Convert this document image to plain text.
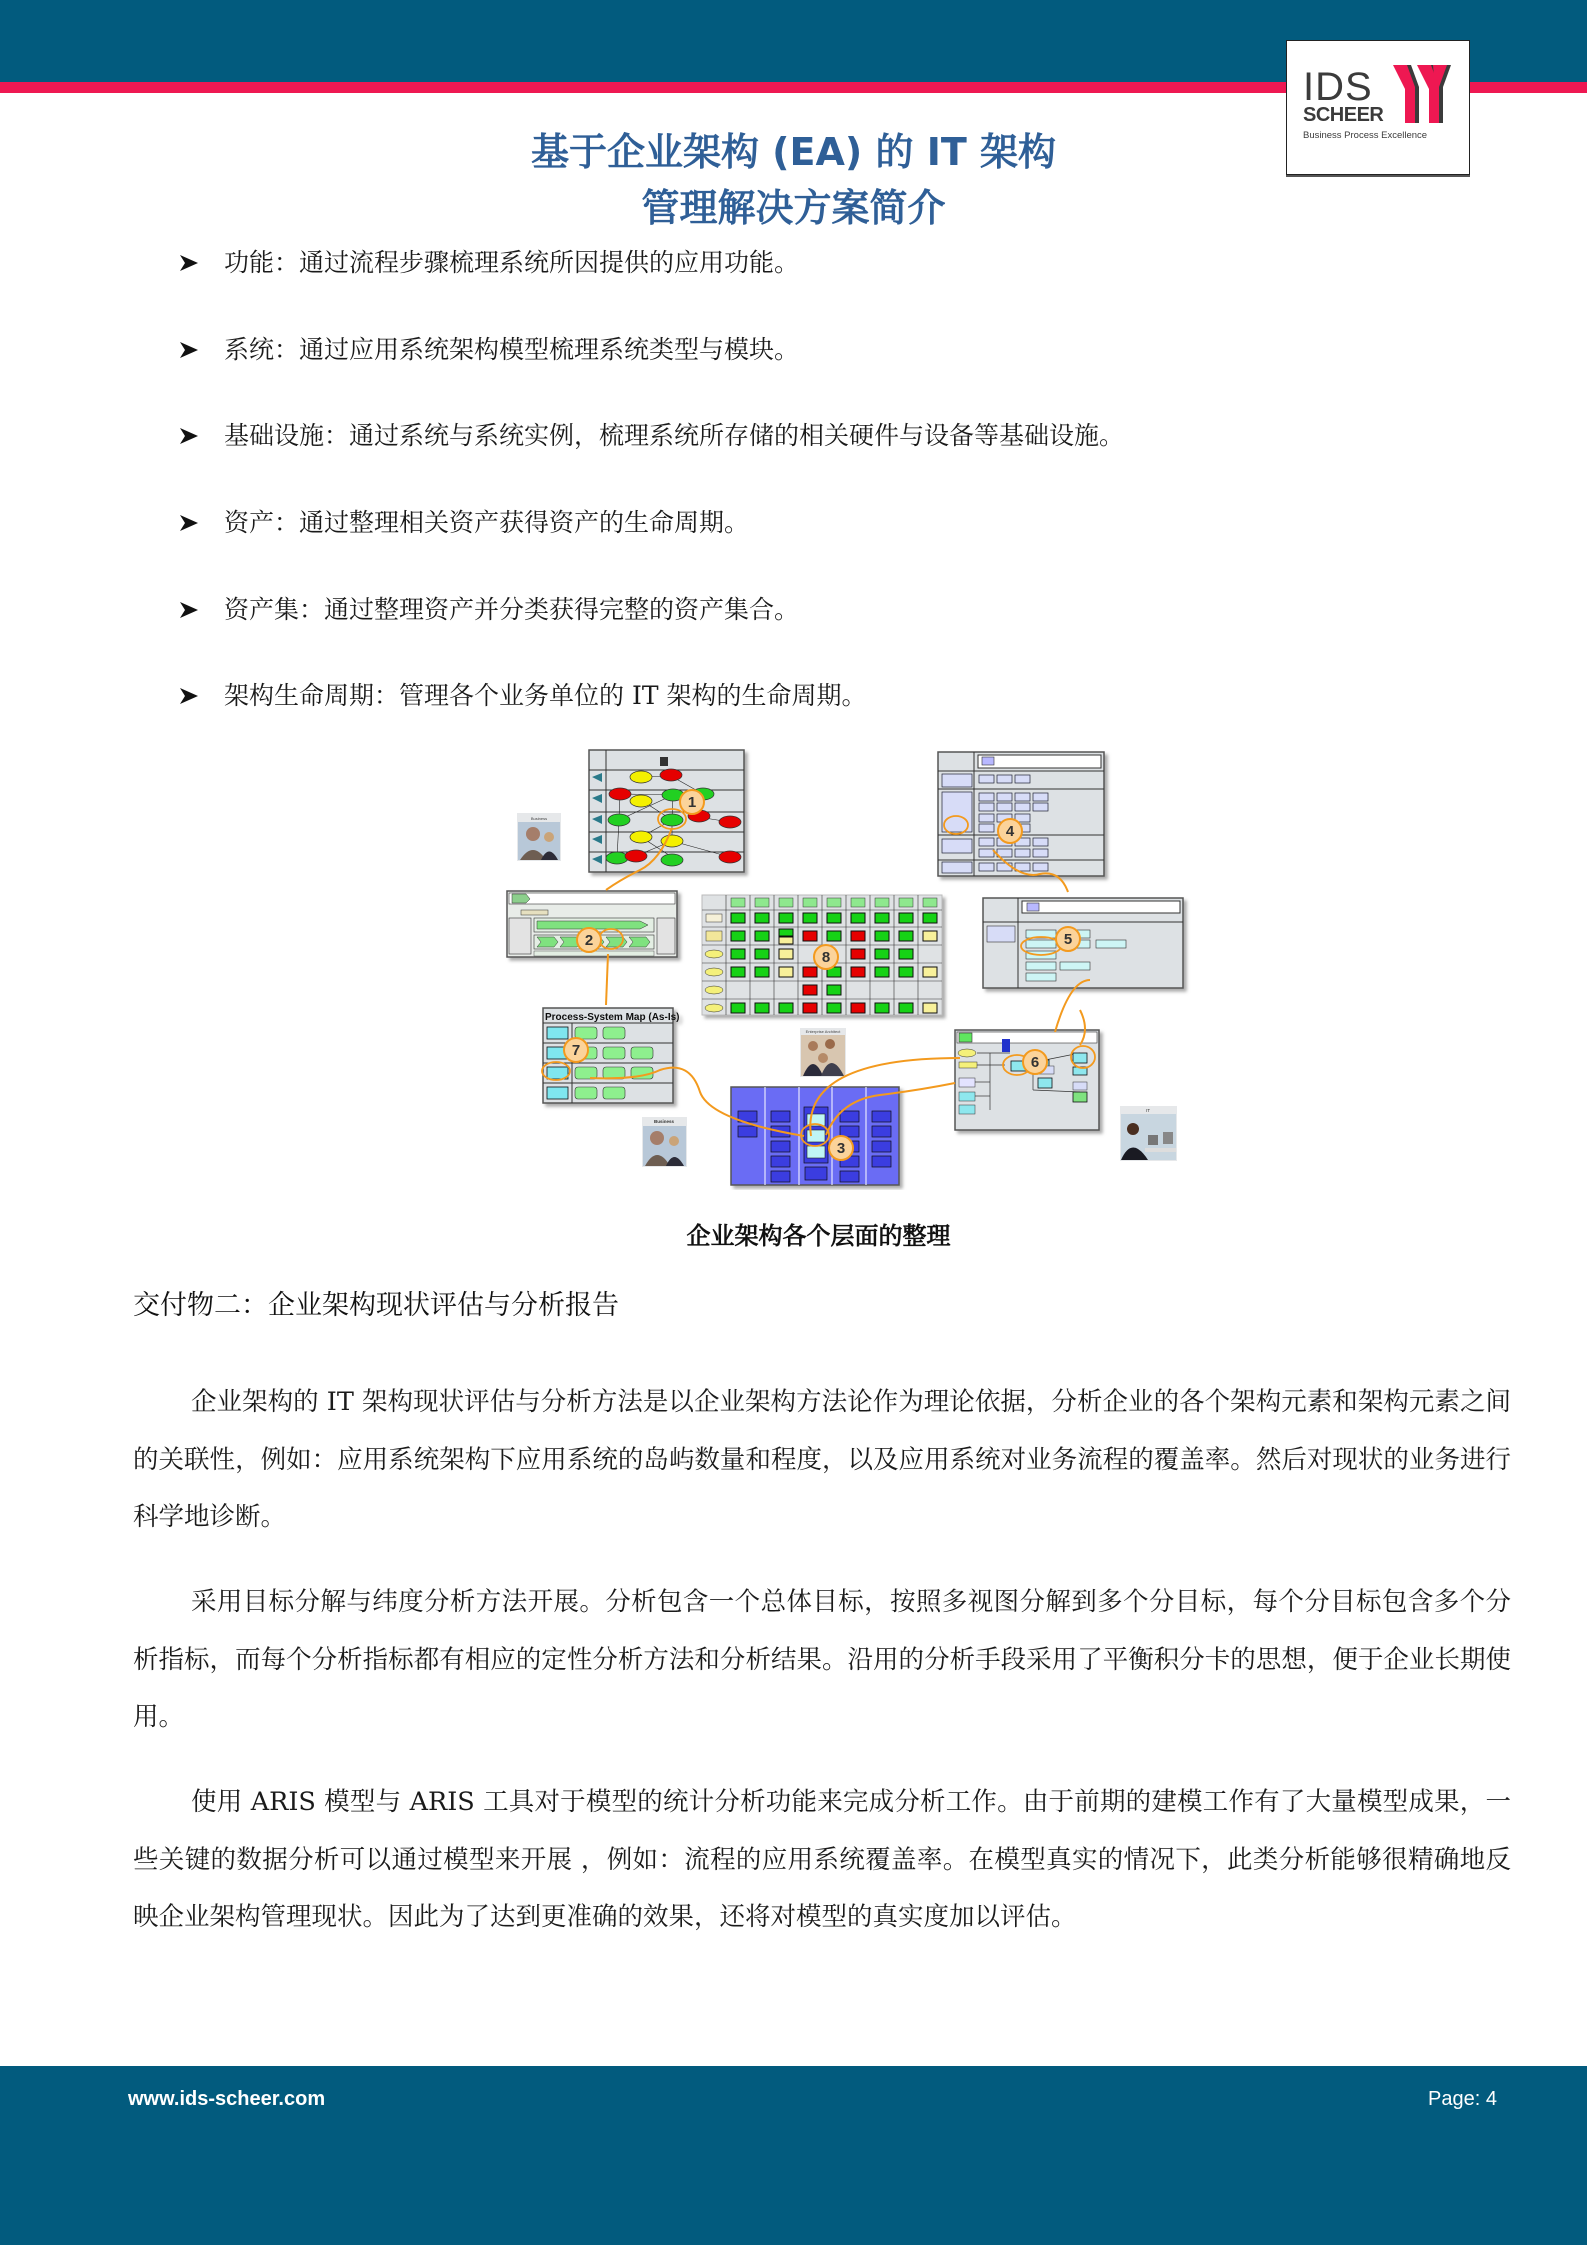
IDS
SCHEER
Business Process Excellence
基于企业架构 (EA) 的 IT 架构
管理解决方案简介
功能：通过流程步骤梳理系统所因提供的应用功能。
系统：通过应用系统架构模型梳理系统类型与模块。
基础设施：通过系统与系统实例，梳理系统所存储的相关硬件与设备等基础设施。
资产：通过整理相关资产获得资产的生命周期。
资产集：通过整理资产并分类获得完整的资产集合。
架构生命周期：管理各个业务单位的 IT 架构的生命周期。
Process-System Map (As-Is)
Business
Enterprise Architect
Business
IT
1
2
3
4
5
6
7
8
企业架构各个层面的整理
交付物二：企业架构现状评估与分析报告

企业架构的 IT 架构现状评估与分析方法是以企业架构方法论作为理论依据，分析企业的各个架构元素和架构元素之间的关联性，例如：应用系统架构下应用系统的岛屿数量和程度，以及应用系统对业务流程的覆盖率。然后对现状的业务进行科学地诊断。

采用目标分解与纬度分析方法开展。分析包含一个总体目标，按照多视图分解到多个分目标，每个分目标包含多个分析指标，而每个分析指标都有相应的定性分析方法和分析结果。沿用的分析手段采用了平衡积分卡的思想，便于企业长期使用。

使用 ARIS 模型与 ARIS 工具对于模型的统计分析功能来完成分析工作。由于前期的建模工作有了大量模型成果，一些关键的数据分析可以通过模型来开展 ，例如：流程的应用系统覆盖率。在模型真实的情况下，此类分析能够很精确地反映企业架构管理现状。因此为了达到更准确的效果，还将对模型的真实度加以评估。

www.ids-scheer.com	Page: 4
